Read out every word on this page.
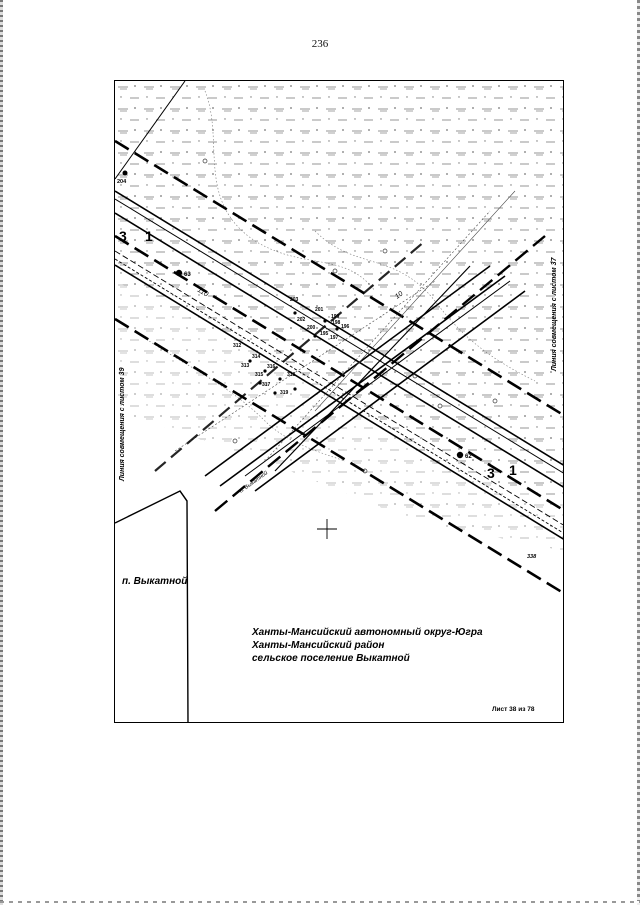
236
3 1
3 1
63
62
204
338
110	10
203
201
199
202	198
200	196
197
195
312
314
316
313
315	318
317
319
п. Выкатной
Линия совмещения с листом 37
Линия совмещения с листом 39
п. Выкатной
Ханты-Мансийский автономный округ-Югра
Ханты-Мансийский район
сельское поселение Выкатной
Лист 38 из 78
